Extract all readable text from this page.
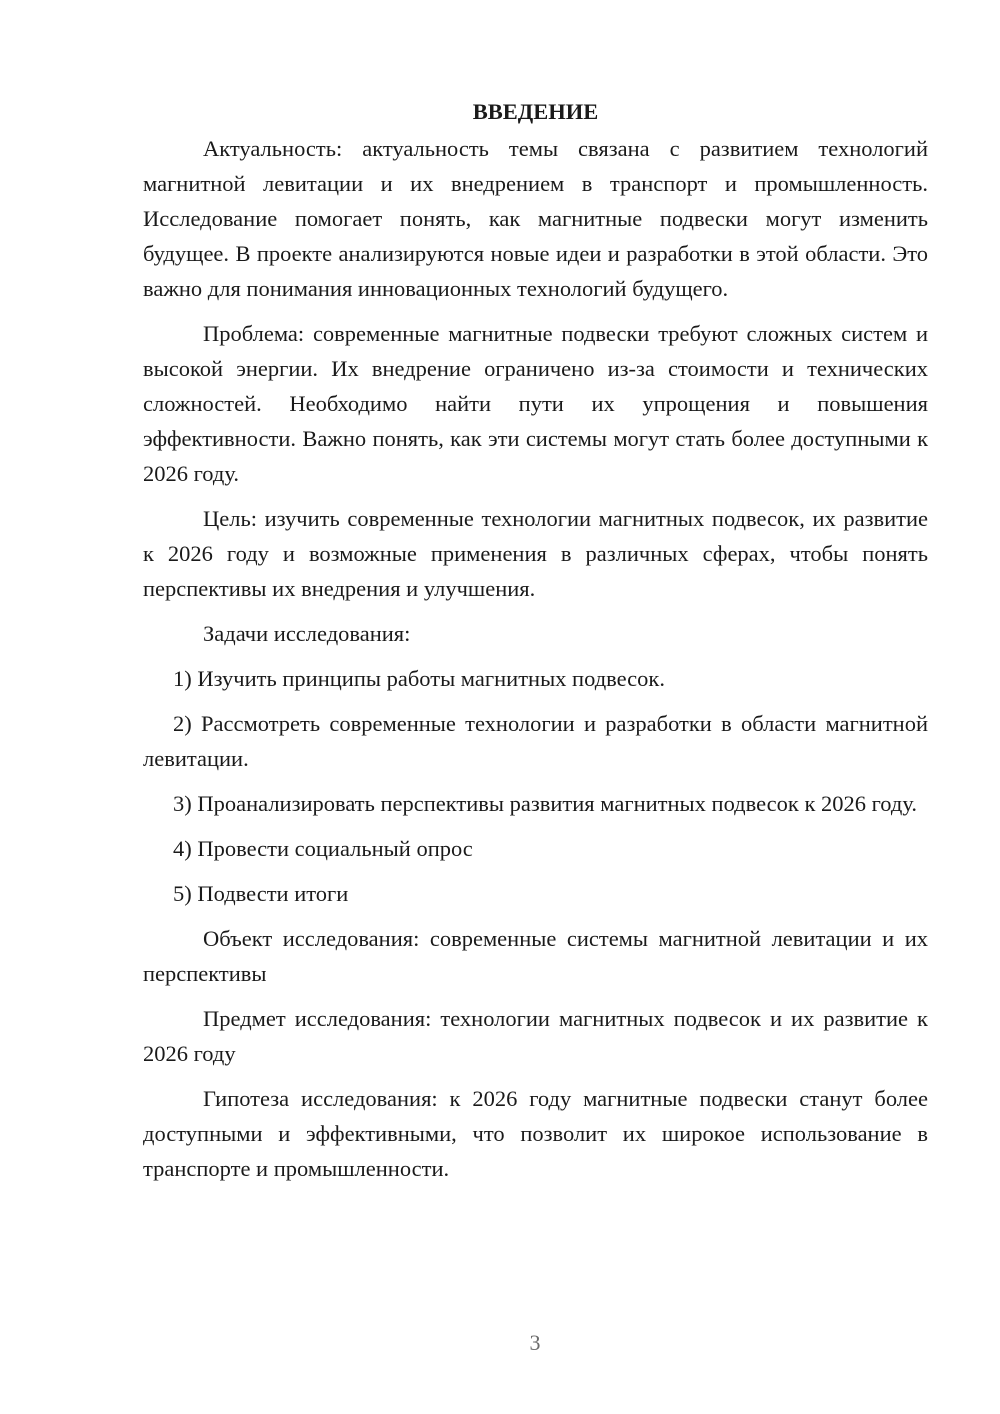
ВВЕДЕНИЕ

Актуальность: актуальность темы связана с развитием технологий магнитной левитации и их внедрением в транспорт и промышленность. Исследование помогает понять, как магнитные подвески могут изменить будущее. В проекте анализируются новые идеи и разработки в этой области. Это важно для понимания инновационных технологий будущего.

Проблема: современные магнитные подвески требуют сложных систем и высокой энергии. Их внедрение ограничено из-за стоимости и технических сложностей. Необходимо найти пути их упрощения и повышения эффективности. Важно понять, как эти системы могут стать более доступными к 2026 году.

Цель: изучить современные технологии магнитных подвесок, их развитие к 2026 году и возможные применения в различных сферах, чтобы понять перспективы их внедрения и улучшения.

Задачи исследования:

1) Изучить принципы работы магнитных подвесок.

2) Рассмотреть современные технологии и разработки в области магнитной левитации.

3) Проанализировать перспективы развития магнитных подвесок к 2026 году.

4) Провести социальный опрос

5) Подвести итоги

Объект исследования: современные системы магнитной левитации и их перспективы

Предмет исследования: технологии магнитных подвесок и их развитие к 2026 году

Гипотеза исследования: к 2026 году магнитные подвески станут более доступными и эффективными, что позволит их широкое использование в транспорте и промышленности.

3
